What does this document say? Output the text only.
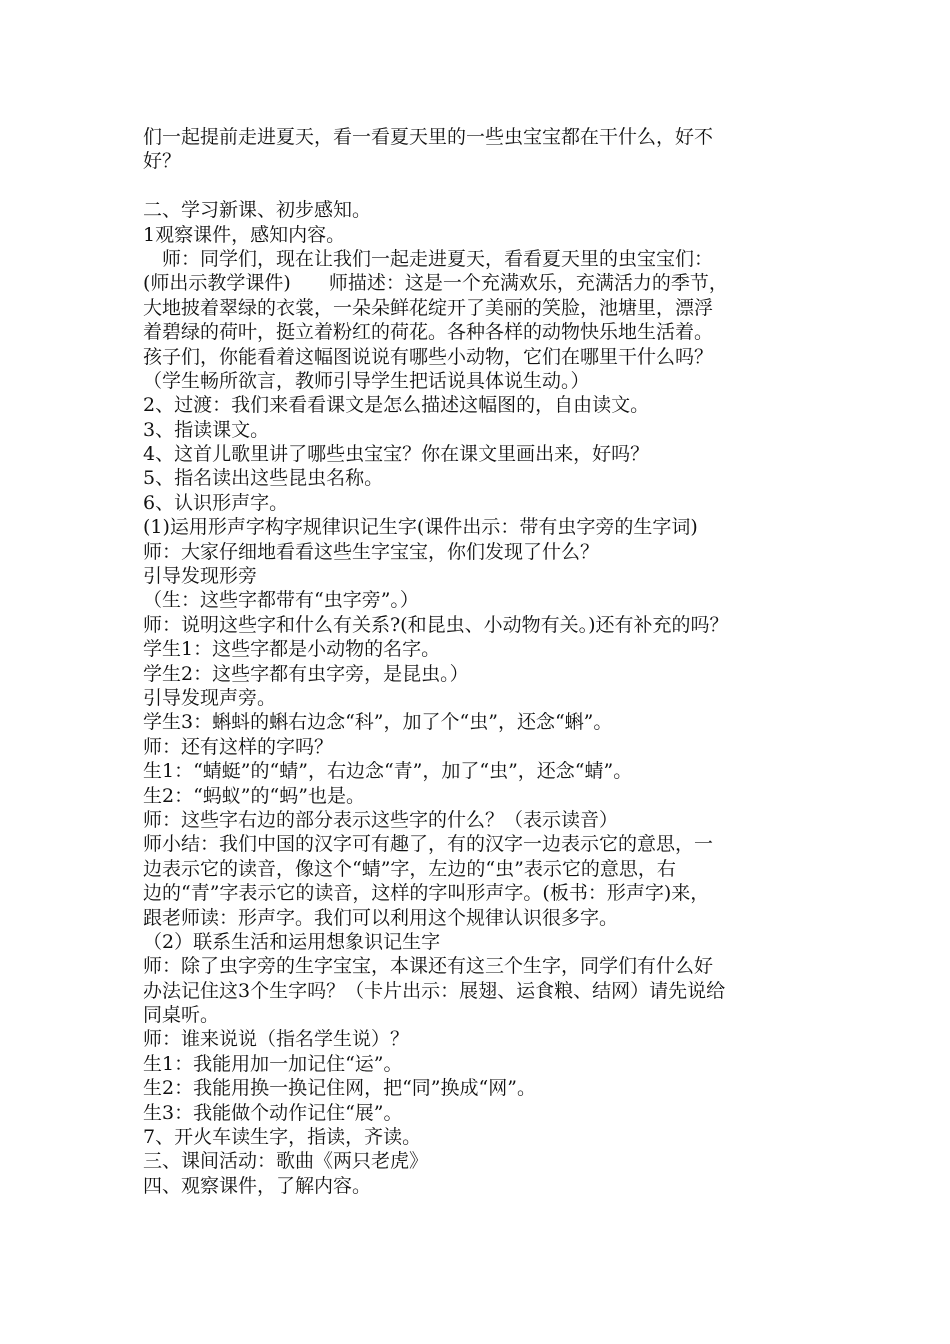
们一起提前走进夏天，看一看夏天里的一些虫宝宝都在干什么，好不
好？
二、学习新课、初步感知。
1观察课件，感知内容。
　师：同学们，现在让我们一起走进夏天，看看夏天里的虫宝宝们：
(师出示教学课件)　　师描述：这是一个充满欢乐，充满活力的季节，
大地披着翠绿的衣裳，一朵朵鲜花绽开了美丽的笑脸，池塘里，漂浮
着碧绿的荷叶，挺立着粉红的荷花。各种各样的动物快乐地生活着。
孩子们，你能看着这幅图说说有哪些小动物，它们在哪里干什么吗？
（学生畅所欲言，教师引导学生把话说具体说生动。）
2、过渡：我们来看看课文是怎么描述这幅图的，自由读文。
3、指读课文。
4、这首儿歌里讲了哪些虫宝宝？你在课文里画出来，好吗？
5、指名读出这些昆虫名称。
6、认识形声字。
(1)运用形声字构字规律识记生字(课件出示：带有虫字旁的生字词)
师：大家仔细地看看这些生字宝宝，你们发现了什么？
引导发现形旁
（生：这些字都带有“虫字旁”。）
师：说明这些字和什么有关系?(和昆虫、小动物有关。)还有补充的吗？
学生1：这些字都是小动物的名字。
学生2：这些字都有虫字旁，是昆虫。）
引导发现声旁。
学生3：蝌蚪的蝌右边念“科”，加了个“虫”，还念“蝌”。
师：还有这样的字吗？
生1：“蜻蜓”的“蜻”，右边念“青”，加了“虫”，还念“蜻”。
生2：“蚂蚁”的“蚂”也是。
师：这些字右边的部分表示这些字的什么？（表示读音）
师小结：我们中国的汉字可有趣了，有的汉字一边表示它的意思，一
边表示它的读音，像这个“蜻”字，左边的“虫”表示它的意思，右
边的“青”字表示它的读音，这样的字叫形声字。(板书：形声字)来，
跟老师读：形声字。我们可以利用这个规律认识很多字。
（2）联系生活和运用想象识记生字
师：除了虫字旁的生字宝宝，本课还有这三个生字，同学们有什么好
办法记住这3个生字吗？（卡片出示：展翅、运食粮、结网）请先说给
同桌听。
师：谁来说说（指名学生说）？
生1：我能用加一加记住“运”。
生2：我能用换一换记住网，把“同”换成“网”。
生3：我能做个动作记住“展”。
7、开火车读生字，指读，齐读。
三、课间活动：歌曲《两只老虎》
四、观察课件，了解内容。
